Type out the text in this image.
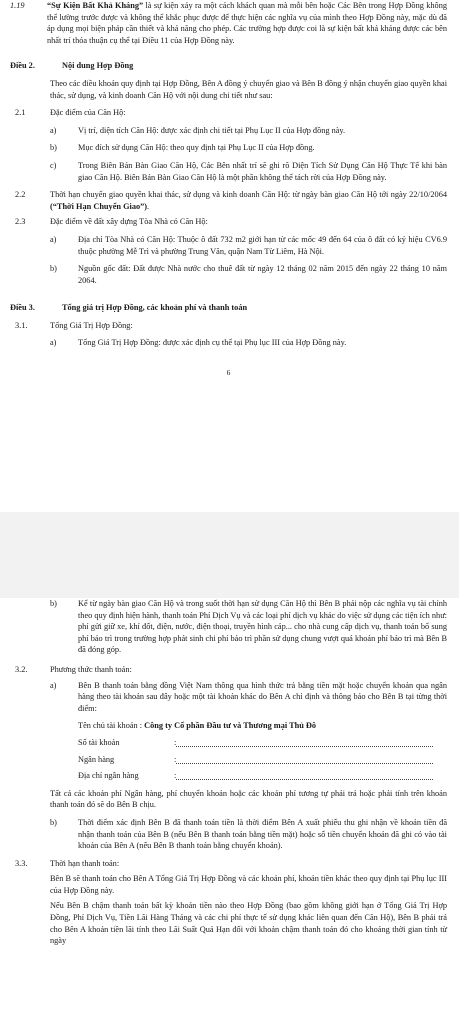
1.19	“Sự Kiện Bất Khả Kháng” là sự kiện xảy ra một cách khách quan mà mỗi bên hoặc Các Bên trong Hợp Đồng không thể lường trước được và không thể khắc phục được để thực hiện các nghĩa vụ của mình theo Hợp Đồng này, mặc dù đã áp dụng mọi biện pháp cần thiết và khả năng cho phép. Các trường hợp được coi là sự kiện bất khả kháng được các bên nhất trí thỏa thuận cụ thể tại Điều 11 của Hợp Đồng này.

Điều 2.	Nội dung Hợp Đồng

Theo các điều khoản quy định tại Hợp Đồng, Bên A đồng ý chuyển giao và Bên B đồng ý nhận chuyển giao quyền khai thác, sử dụng, và kinh doanh Căn Hộ với nội dung chi tiết như sau:

2.1	Đặc điểm của Căn Hộ:
a)	Vị trí, diện tích Căn Hộ: được xác định chi tiết tại Phụ Lục II của Hợp đồng này.
b)	Mục đích sử dụng Căn Hộ: theo quy định tại Phụ Lục II của Hợp đồng.
c)	Trong Biên Bản Bàn Giao Căn Hộ, Các Bên nhất trí sẽ ghi rõ Diện Tích Sử Dụng Căn Hộ Thực Tế khi bàn giao Căn Hộ. Biên Bản Bàn Giao Căn Hộ là một phần không thể tách rời của Hợp Đồng này.
2.2	Thời hạn chuyển giao quyền khai thác, sử dụng và kinh doanh Căn Hộ: từ ngày bàn giao Căn Hộ tới ngày 22/10/2064 (“Thời Hạn Chuyển Giao”).

2.3	Đặc điểm về đất xây dựng Tòa Nhà có Căn Hộ:
a)	Địa chỉ Tòa Nhà có Căn Hộ: Thuộc ô đất 732 m2 giới hạn từ các mốc 49 đến 64 của ô đất có ký hiệu CV6.9 thuộc phường Mễ Trì và phường Trung Văn, quận Nam Từ Liêm, Hà Nội.
b)	Nguồn gốc đất: Đất được Nhà nước cho thuê đất từ ngày 12 tháng 02 năm 2015 đến ngày 22 tháng 10 năm 2064.
Điều 3.	Tổng giá trị Hợp Đồng, các khoản phí và thanh toán
3.1.	Tổng Giá Trị Hợp Đồng:
a)	Tổng Giá Trị Hợp Đồng: được xác định cụ thể tại Phụ lục III của Hợp Đồng này.
6
b)	Kể từ ngày bàn giao Căn Hộ và trong suốt thời hạn sử dụng Căn Hộ thì Bên B phải nộp các nghĩa vụ tài chính theo quy định hiện hành, thanh toán Phí Dịch Vụ và các loại phí dịch vụ khác do việc sử dụng các tiện ích như: phí gửi giữ xe, khí đốt, điện, nước, điện thoại, truyền hình cáp... cho nhà cung cấp dịch vụ, thanh toán bổ sung phí bảo trì trong trường hợp phát sinh chi phí bảo trì phần sử dụng chung vượt quá khoản phí bảo trì mà Bên B đã đóng góp.
3.2.	Phương thức thanh toán:
a)	Bên B thanh toán bằng đồng Việt Nam thông qua hình thức trả bằng tiền mặt hoặc chuyển khoản qua ngân hàng theo tài khoản sau đây hoặc một tài khoản khác do Bên A chỉ định và thông báo cho Bên B tại từng thời điểm:

Tên chủ tài khoản : Công ty Cổ phần Đầu tư và Thương mại Thủ Đô

Số tài khoản	:
Ngân hàng	:
Địa chỉ ngân hàng	:

Tất cả các khoản phí Ngân hàng, phí chuyển khoản hoặc các khoản phí tương tự phải trả hoặc phải tính trên khoản thanh toán đó sẽ do Bên B chịu.

b)	Thời điểm xác định Bên B đã thanh toán tiền là thời điểm Bên A xuất phiếu thu ghi nhận về khoản tiền đã nhận thanh toán của Bên B (nếu Bên B thanh toán bằng tiền mặt) hoặc số tiền chuyển khoản đã ghi có vào tài khoản của Bên A (nếu Bên B thanh toán bằng chuyển khoản).
3.3.	Thời hạn thanh toán:

Bên B sẽ thanh toán cho Bên A Tổng Giá Trị Hợp Đồng và các khoản phí, khoản tiền khác theo quy định tại Phụ lục III của Hợp Đồng này.

Nếu Bên B chậm thanh toán bất kỳ khoản tiền nào theo Hợp Đồng (bao gồm không giới hạn ở Tổng Giá Trị Hợp Đồng, Phí Dịch Vụ, Tiền Lãi Hàng Tháng và các chi phí thực tế sử dụng khác liên quan đến Căn Hộ), Bên B phải trả cho Bên A khoản tiền lãi tính theo Lãi Suất Quá Hạn đối với khoản chậm thanh toán đó cho khoảng thời gian tính từ ngày
